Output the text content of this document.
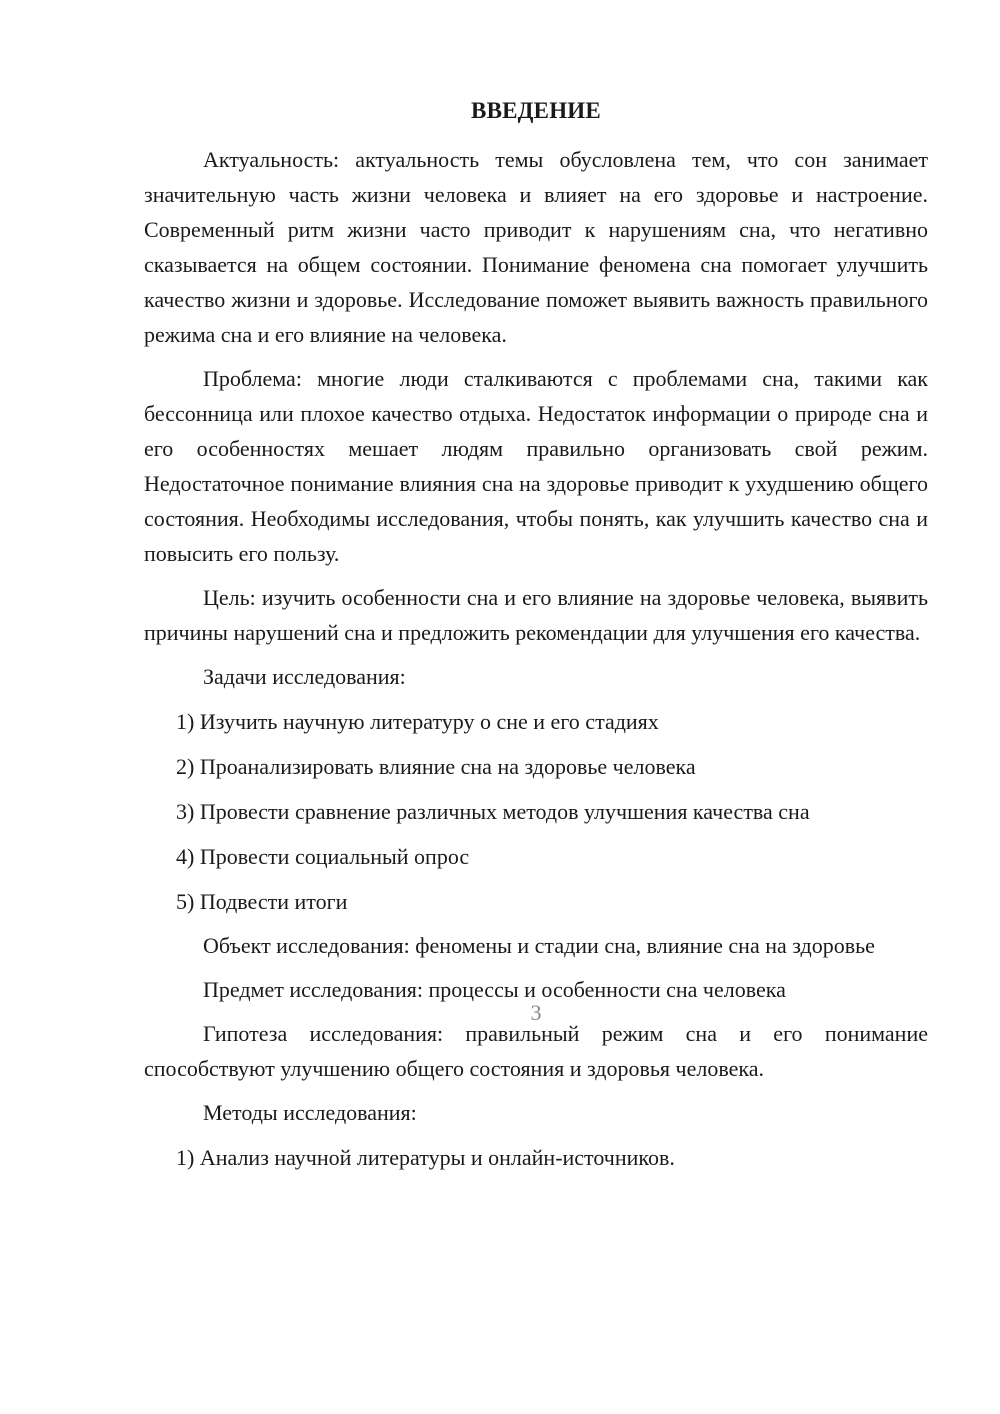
ВВЕДЕНИЕ

Актуальность: актуальность темы обусловлена тем, что сон занимает значительную часть жизни человека и влияет на его здоровье и настроение. Современный ритм жизни часто приводит к нарушениям сна, что негативно сказывается на общем состоянии. Понимание феномена сна помогает улучшить качество жизни и здоровье. Исследование поможет выявить важность правильного режима сна и его влияние на человека.

Проблема: многие люди сталкиваются с проблемами сна, такими как бессонница или плохое качество отдыха. Недостаток информации о природе сна и его особенностях мешает людям правильно организовать свой режим. Недостаточное понимание влияния сна на здоровье приводит к ухудшению общего состояния. Необходимы исследования, чтобы понять, как улучшить качество сна и повысить его пользу.

Цель: изучить особенности сна и его влияние на здоровье человека, выявить причины нарушений сна и предложить рекомендации для улучшения его качества.

Задачи исследования:

1) Изучить научную литературу о сне и его стадиях
2) Проанализировать влияние сна на здоровье человека
3) Провести сравнение различных методов улучшения качества сна
4) Провести социальный опрос
5) Подвести итоги

Объект исследования: феномены и стадии сна, влияние сна на здоровье

Предмет исследования: процессы и особенности сна человека

Гипотеза исследования: правильный режим сна и его понимание способствуют улучшению общего состояния и здоровья человека.

Методы исследования:

1) Анализ научной литературы и онлайн-источников.
3
